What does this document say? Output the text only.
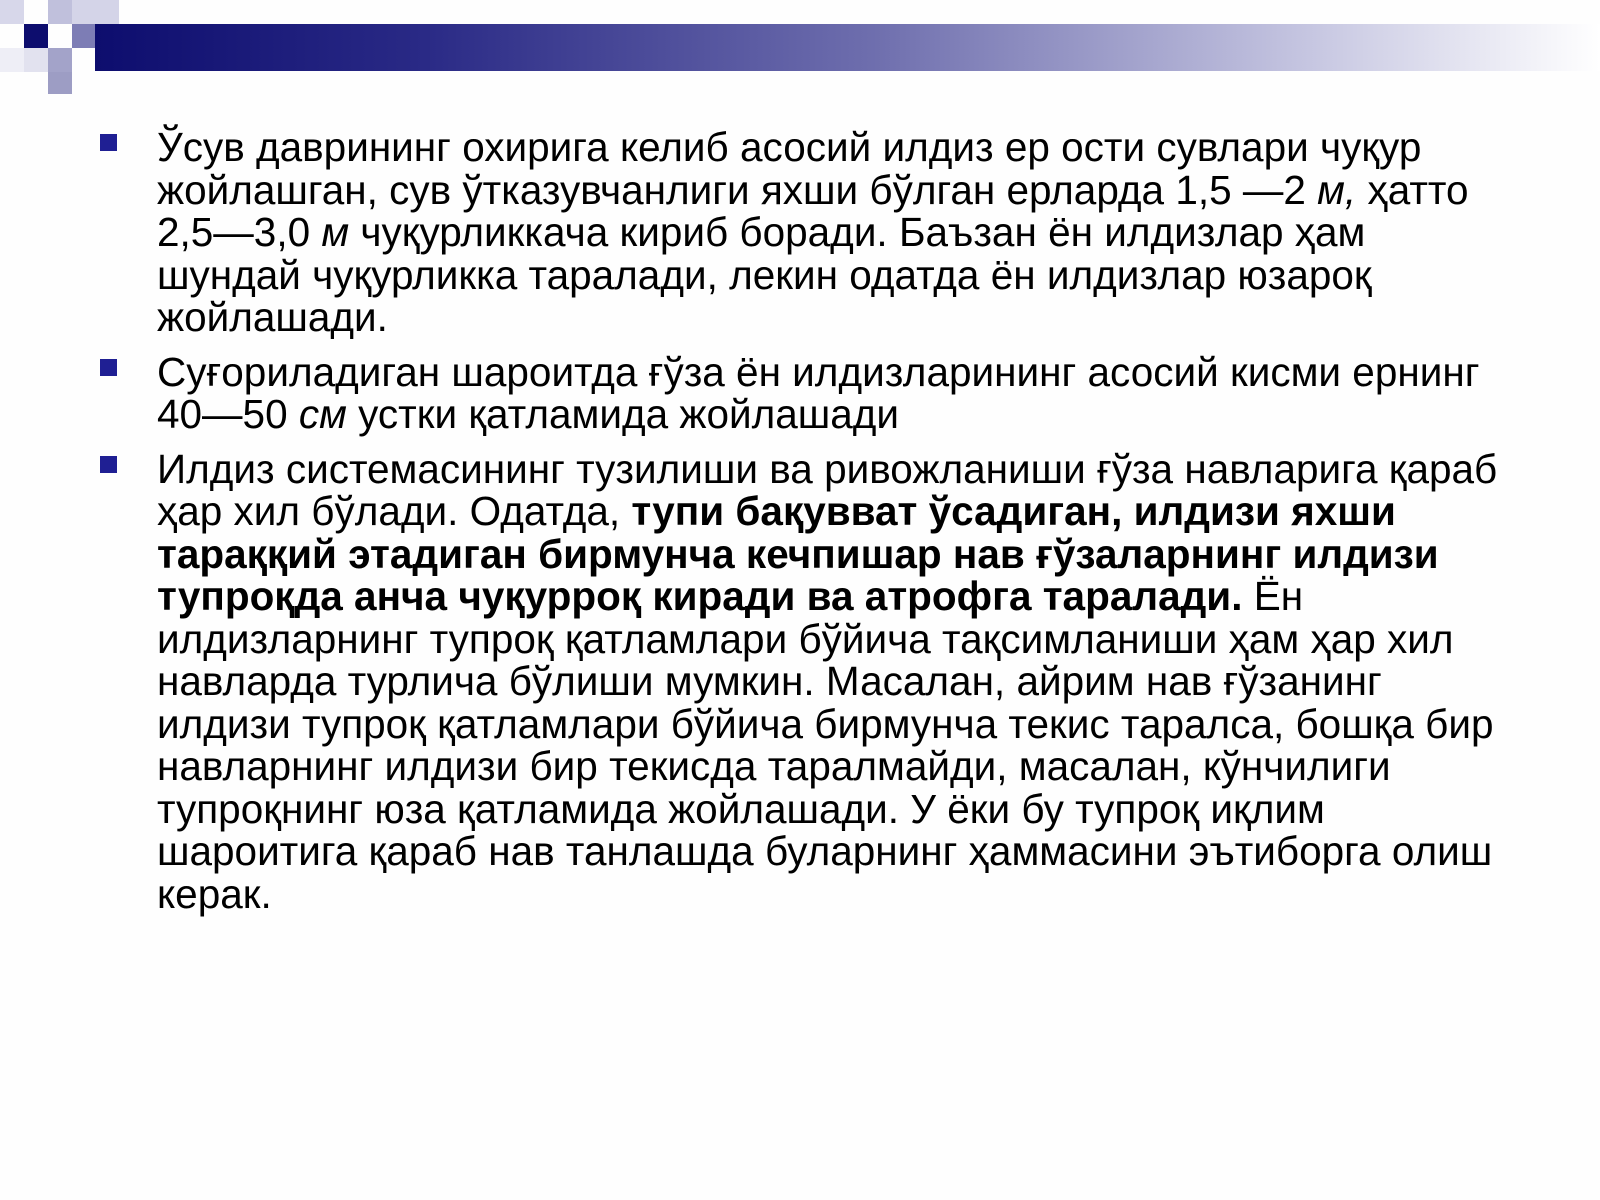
Ўсув даврининг охирига келиб асосий илдиз ер ости сувлари чуқур жойлашган, сув ўтказувчанлиги яхши бўлган ерларда 1,5 —2 м, ҳатто 2,5—3,0 м чуқурликкача кириб боради. Баъзан ён илдизлар ҳам шундай чуқурликка таралади, лекин одатда ён илдизлар юзароқ жойлашади.

Суғориладиган шароитда ғўза ён илдизларининг асосий кисми ернинг 40—50 см устки қатламида жойлашади

Илдиз системасининг тузилиши ва ривожланиши ғўза навларига қараб ҳар хил бўлади. Одатда, тупи бақувват ўсадиган, илдизи яхши тараққий этадиган бирмунча кечпишар нав ғўзаларнинг илдизи тупроқда анча чуқурроқ киради ва атрофга таралади. Ён илдизларнинг тупроқ қатламлари бўйича тақсимланиши ҳам ҳар хил навларда турлича бўлиши мумкин. Масалан, айрим нав ғўзанинг илдизи тупроқ қатламлари бўйича бирмунча текис таралса, бошқа бир навларнинг илдизи бир текисда таралмайди, масалан, кўнчилиги тупроқнинг юза қатламида жойлашади. У ёки бу тупроқ иқлим шароитига қараб нав танлашда буларнинг ҳаммасини эътиборга олиш керак.
